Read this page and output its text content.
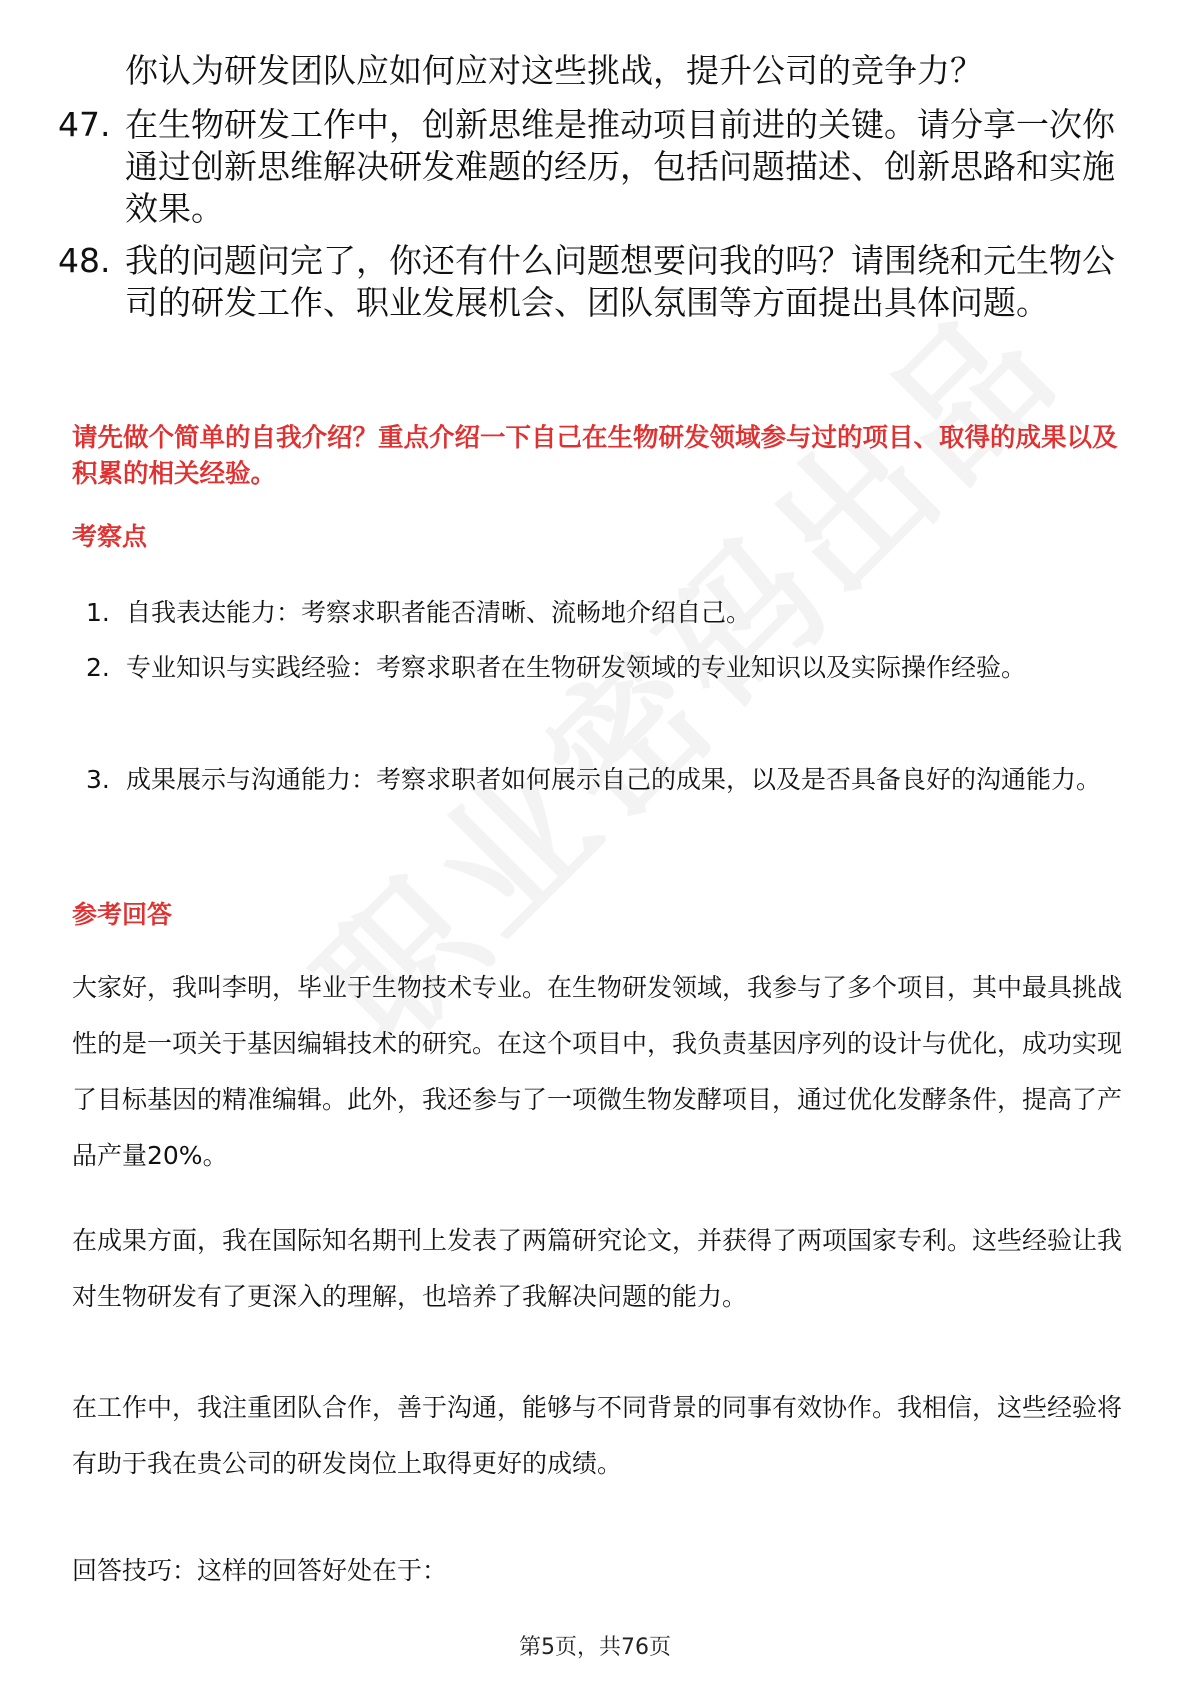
你认为研发团队应如何应对这些挑战，提升公司的竞争力？
47. 在生物研发工作中，创新思维是推动项目前进的关键。请分享一次你通过创新思维解决研发难题的经历，包括问题描述、创新思路和实施效果。
48. 我的问题问完了，你还有什么问题想要问我的吗？请围绕和元生物公司的研发工作、职业发展机会、团队氛围等方面提出具体问题。
请先做个简单的自我介绍？重点介绍一下自己在生物研发领域参与过的项目、取得的成果以及积累的相关经验。
考察点
1. 自我表达能力：考察求职者能否清晰、流畅地介绍自己。
2. 专业知识与实践经验：考察求职者在生物研发领域的专业知识以及实际操作经验。
3. 成果展示与沟通能力：考察求职者如何展示自己的成果，以及是否具备良好的沟通能力。
参考回答
大家好，我叫李明，毕业于生物技术专业。在生物研发领域，我参与了多个项目，其中最具挑战性的是一项关于基因编辑技术的研究。在这个项目中，我负责基因序列的设计与优化，成功实现了目标基因的精准编辑。此外，我还参与了一项微生物发酵项目，通过优化发酵条件，提高了产品产量20%。
在成果方面，我在国际知名期刊上发表了两篇研究论文，并获得了两项国家专利。这些经验让我对生物研发有了更深入的理解，也培养了我解决问题的能力。
在工作中，我注重团队合作，善于沟通，能够与不同背景的同事有效协作。我相信，这些经验将有助于我在贵公司的研发岗位上取得更好的成绩。
回答技巧：这样的回答好处在于：
第5页，共76页
